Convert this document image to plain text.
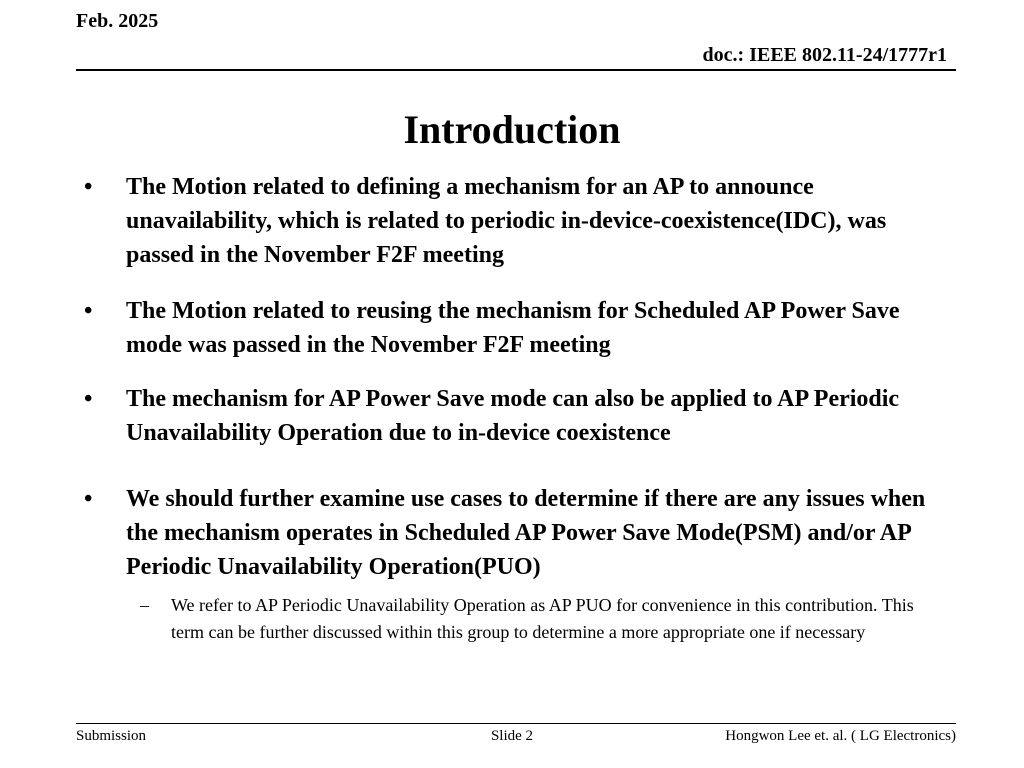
Feb. 2025

doc.: IEEE 802.11-24/1777r1

Introduction
•	The Motion related to defining a mechanism for an AP to announce unavailability, which is related to periodic in-device-coexistence(IDC), was passed in the November F2F meeting
•	The Motion related to reusing the mechanism for Scheduled AP Power Save mode was passed in the November F2F meeting
•	The mechanism for AP Power Save mode can also be applied to AP Periodic Unavailability Operation due to in-device coexistence
•	We should further examine use cases to determine if there are any issues when the mechanism operates in Scheduled AP Power Save Mode(PSM) and/or AP Periodic Unavailability Operation(PUO)
– We refer to AP Periodic Unavailability Operation as AP PUO for convenience in this contribution. This term can be further discussed within this group to determine a more appropriate one if necessary

Submission	Slide 2	Hongwon Lee et. al. ( LG Electronics)
